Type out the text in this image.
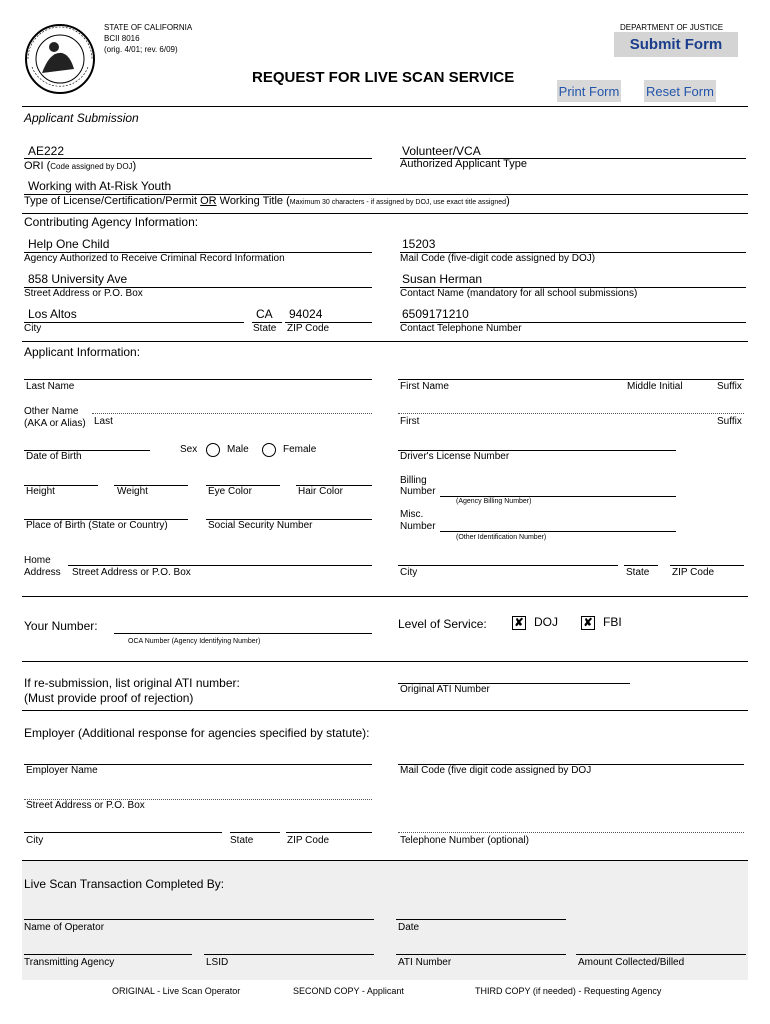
STATE OF CALIFORNIA
BCII 8016
(orig. 4/01; rev. 6/09)
DEPARTMENT OF JUSTICE
Submit Form
REQUEST FOR LIVE SCAN SERVICE
Print Form Reset Form
Applicant Submission
AE222
ORI (Code assigned by DOJ)
Volunteer/VCA
Authorized Applicant Type
Working with At-Risk Youth
Type of License/Certification/Permit OR Working Title (Maximum 30 characters - if assigned by DOJ, use exact title assigned)
Contributing Agency Information:
Help One Child
Agency Authorized to Receive Criminal Record Information
15203
Mail Code (five-digit code assigned by DOJ)
858 University Ave
Street Address or P.O. Box
Susan Herman
Contact Name (mandatory for all school submissions)
Los Altos
City
CA
State
94024
ZIP Code
6509171210
Contact Telephone Number
Applicant Information:
Last Name	First Name	Middle Initial	Suffix
Other Name
(AKA or Alias) Last	First	Suffix
Date of Birth
Sex	Male	Female
Driver's License Number
Height	Weight	Eye Color	Hair Color
Billing
Number
(Agency Billing Number)
Place of Birth (State or Country)	Social Security Number
Misc.
Number
(Other Identification Number)
Home
Address Street Address or P.O. Box	City	State ZIP Code
Your Number:
OCA Number (Agency Identifying Number)
Level of Service:	✘ DOJ ✘ FBI
If re-submission, list original ATI number:
(Must provide proof of rejection)
Original ATI Number
Employer (Additional response for agencies specified by statute):
Employer Name	Mail Code (five digit code assigned by DOJ
Street Address or P.O. Box
City	State	ZIP Code	Telephone Number (optional)
Live Scan Transaction Completed By:
Name of Operator	Date
Transmitting Agency	LSID	ATI Number	Amount Collected/Billed
ORIGINAL - Live Scan Operator	SECOND COPY - Applicant	THIRD COPY (if needed) - Requesting Agency
